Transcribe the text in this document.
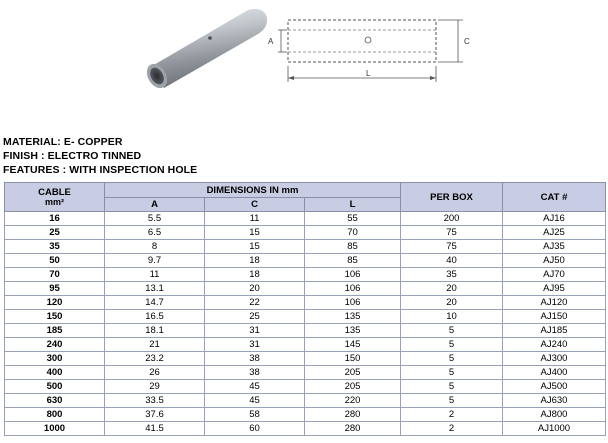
A	C
L
MATERIAL: E- COPPER
FINISH : ELECTRO TINNED
FEATURES : WITH INSPECTION HOLE
CABLE
mm²	DIMENSIONS IN mm			PER BOX	CAT #
	A	C	L		
16	5.5	11	55	200	AJ16
25	6.5	15	70	75	AJ25
35	8	15	85	75	AJ35
50	9.7	18	85	40	AJ50
70	11	18	106	35	AJ70
95	13.1	20	106	20	AJ95
120	14.7	22	106	20	AJ120
150	16.5	25	135	10	AJ150
185	18.1	31	135	5	AJ185
240	21	31	145	5	AJ240
300	23.2	38	150	5	AJ300
400	26	38	205	5	AJ400
500	29	45	205	5	AJ500
630	33.5	45	220	5	AJ630
800	37.6	58	280	2	AJ800
1000	41.5	60	280	2	AJ1000
